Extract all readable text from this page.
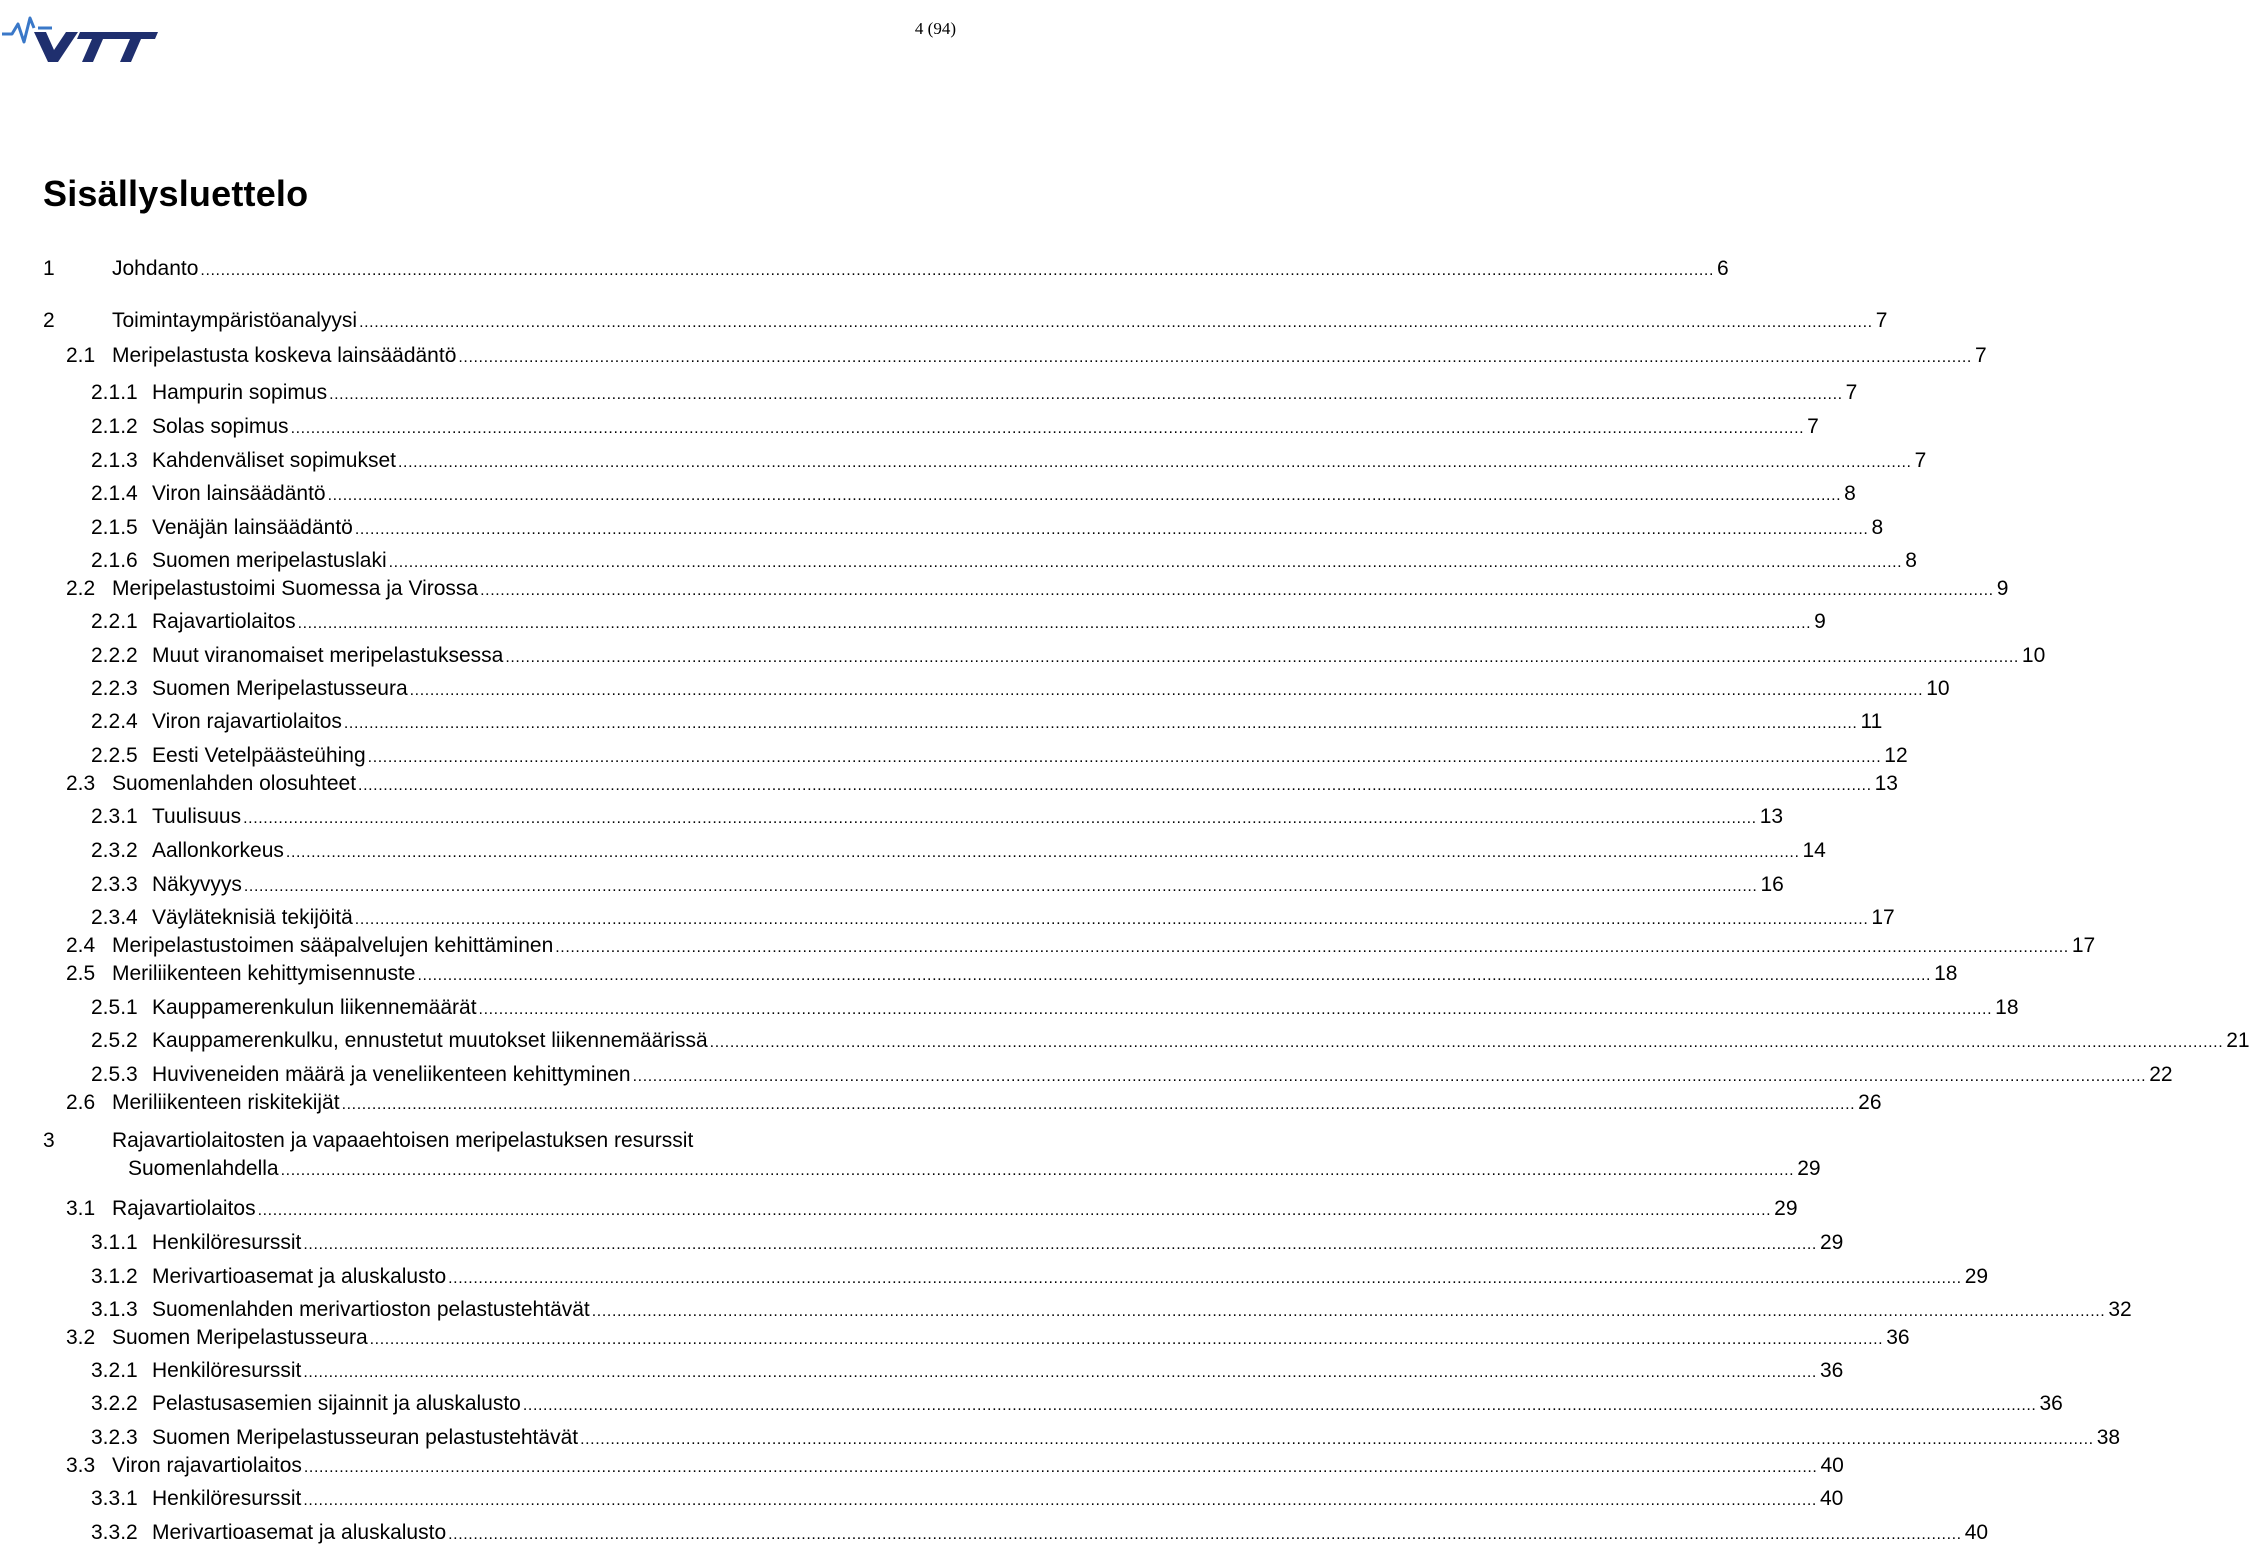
4 (94)
Sisällysluettelo
1	Johdanto ............................................................................................................................................................................................................................................................................................................ 6
2	Toimintaympäristöanalyysi ............................................................................................................................................................................................................................................................................................................ 7
2.1 Meripelastusta koskeva lainsäädäntö ............................................................................................................................................................................................................................................................................................................ 7
2.1.1 Hampurin sopimus ............................................................................................................................................................................................................................................................................................................ 7
2.1.2 Solas sopimus ............................................................................................................................................................................................................................................................................................................ 7
2.1.3 Kahdenväliset sopimukset ............................................................................................................................................................................................................................................................................................................ 7
2.1.4 Viron lainsäädäntö ............................................................................................................................................................................................................................................................................................................ 8
2.1.5 Venäjän lainsäädäntö ............................................................................................................................................................................................................................................................................................................ 8
2.1.6 Suomen meripelastuslaki ............................................................................................................................................................................................................................................................................................................ 8
2.2 Meripelastustoimi Suomessa ja Virossa ............................................................................................................................................................................................................................................................................................................ 9
2.2.1 Rajavartiolaitos ............................................................................................................................................................................................................................................................................................................ 9
2.2.2 Muut viranomaiset meripelastuksessa ............................................................................................................................................................................................................................................................................................................ 10
2.2.3 Suomen Meripelastusseura ............................................................................................................................................................................................................................................................................................................ 10
2.2.4 Viron rajavartiolaitos ............................................................................................................................................................................................................................................................................................................ 11
2.2.5 Eesti Vetelpäästeühing ............................................................................................................................................................................................................................................................................................................ 12
2.3 Suomenlahden olosuhteet ............................................................................................................................................................................................................................................................................................................ 13
2.3.1 Tuulisuus ............................................................................................................................................................................................................................................................................................................ 13
2.3.2 Aallonkorkeus ............................................................................................................................................................................................................................................................................................................ 14
2.3.3 Näkyvyys ............................................................................................................................................................................................................................................................................................................ 16
2.3.4 Väyläteknisiä tekijöitä ............................................................................................................................................................................................................................................................................................................ 17
2.4 Meripelastustoimen sääpalvelujen kehittäminen ............................................................................................................................................................................................................................................................................................................ 17
2.5 Meriliikenteen kehittymisennuste ............................................................................................................................................................................................................................................................................................................ 18
2.5.1 Kauppamerenkulun liikennemäärät ............................................................................................................................................................................................................................................................................................................ 18
2.5.2 Kauppamerenkulku, ennustetut muutokset liikennemäärissä ............................................................................................................................................................................................................................................................................................................ 21
2.5.3 Huviveneiden määrä ja veneliikenteen kehittyminen ............................................................................................................................................................................................................................................................................................................ 22
2.6 Meriliikenteen riskitekijät ............................................................................................................................................................................................................................................................................................................ 26
Rajavartiolaitosten ja vapaaehtoisen meripelastuksen resurssit
3
Suomenlahdella ............................................................................................................................................................................................................................................................................................................ 29
3.1 Rajavartiolaitos ............................................................................................................................................................................................................................................................................................................ 29
3.1.1 Henkilöresurssit ............................................................................................................................................................................................................................................................................................................ 29
3.1.2 Merivartioasemat ja aluskalusto ............................................................................................................................................................................................................................................................................................................ 29
3.1.3 Suomenlahden merivartioston pelastustehtävät ............................................................................................................................................................................................................................................................................................................ 32
3.2 Suomen Meripelastusseura ............................................................................................................................................................................................................................................................................................................ 36
3.2.1 Henkilöresurssit ............................................................................................................................................................................................................................................................................................................ 36
3.2.2 Pelastusasemien sijainnit ja aluskalusto ............................................................................................................................................................................................................................................................................................................ 36
3.2.3 Suomen Meripelastusseuran pelastustehtävät ............................................................................................................................................................................................................................................................................................................ 38
3.3 Viron rajavartiolaitos ............................................................................................................................................................................................................................................................................................................ 40
3.3.1 Henkilöresurssit ............................................................................................................................................................................................................................................................................................................ 40
3.3.2 Merivartioasemat ja aluskalusto ............................................................................................................................................................................................................................................................................................................ 40
